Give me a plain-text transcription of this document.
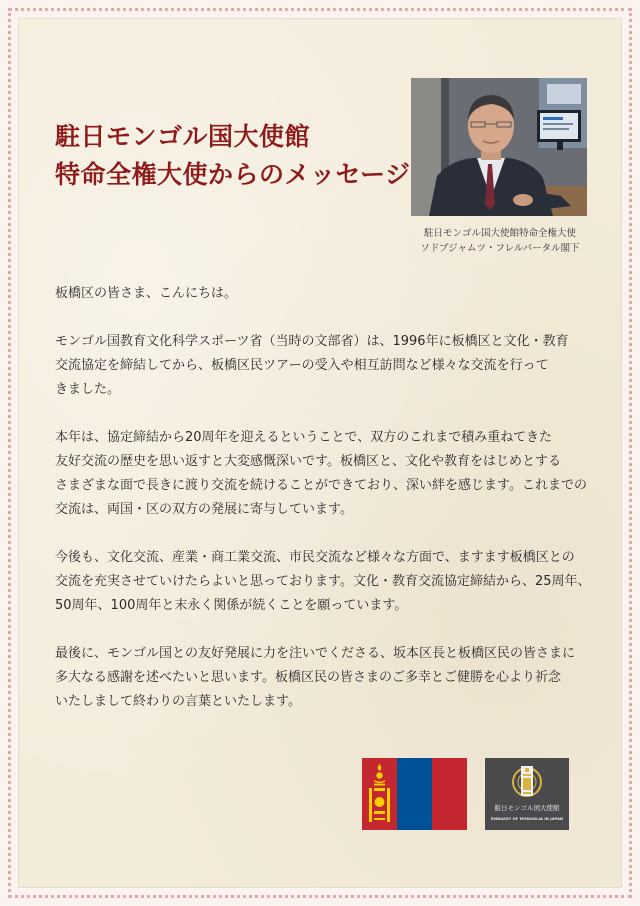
駐日モンゴル国大使館
特命全権大使からのメッセージ
駐日モンゴル国大使館特命全権大使
ソドブジャムツ・フレルバータル閣下

板橋区の皆さま、こんにちは。

モンゴル国教育文化科学スポーツ省（当時の文部省）は、1996年に板橋区と文化・教育
交流協定を締結してから、板橋区民ツアーの受入や相互訪問など様々な交流を行って
きました。

本年は、協定締結から20周年を迎えるということで、双方のこれまで積み重ねてきた
友好交流の歴史を思い返すと大変感慨深いです。板橋区と、文化や教育をはじめとする
さまざまな面で長きに渡り交流を続けることができており、深い絆を感じます。これまでの
交流は、両国・区の双方の発展に寄与しています。

今後も、文化交流、産業・商工業交流、市民交流など様々な方面で、ますます板橋区との
交流を充実させていけたらよいと思っております。文化・教育交流協定締結から、25周年、
50周年、100周年と末永く関係が続くことを願っています。

最後に、モンゴル国との友好発展に力を注いでくださる、坂本区長と板橋区民の皆さまに
多大なる感謝を述べたいと思います。板橋区民の皆さまのご多幸とご健勝を心より祈念
いたしまして終わりの言葉といたします。

駐日モンゴル国大使館
EMBASSY OF MONGOLIA IN JAPAN
